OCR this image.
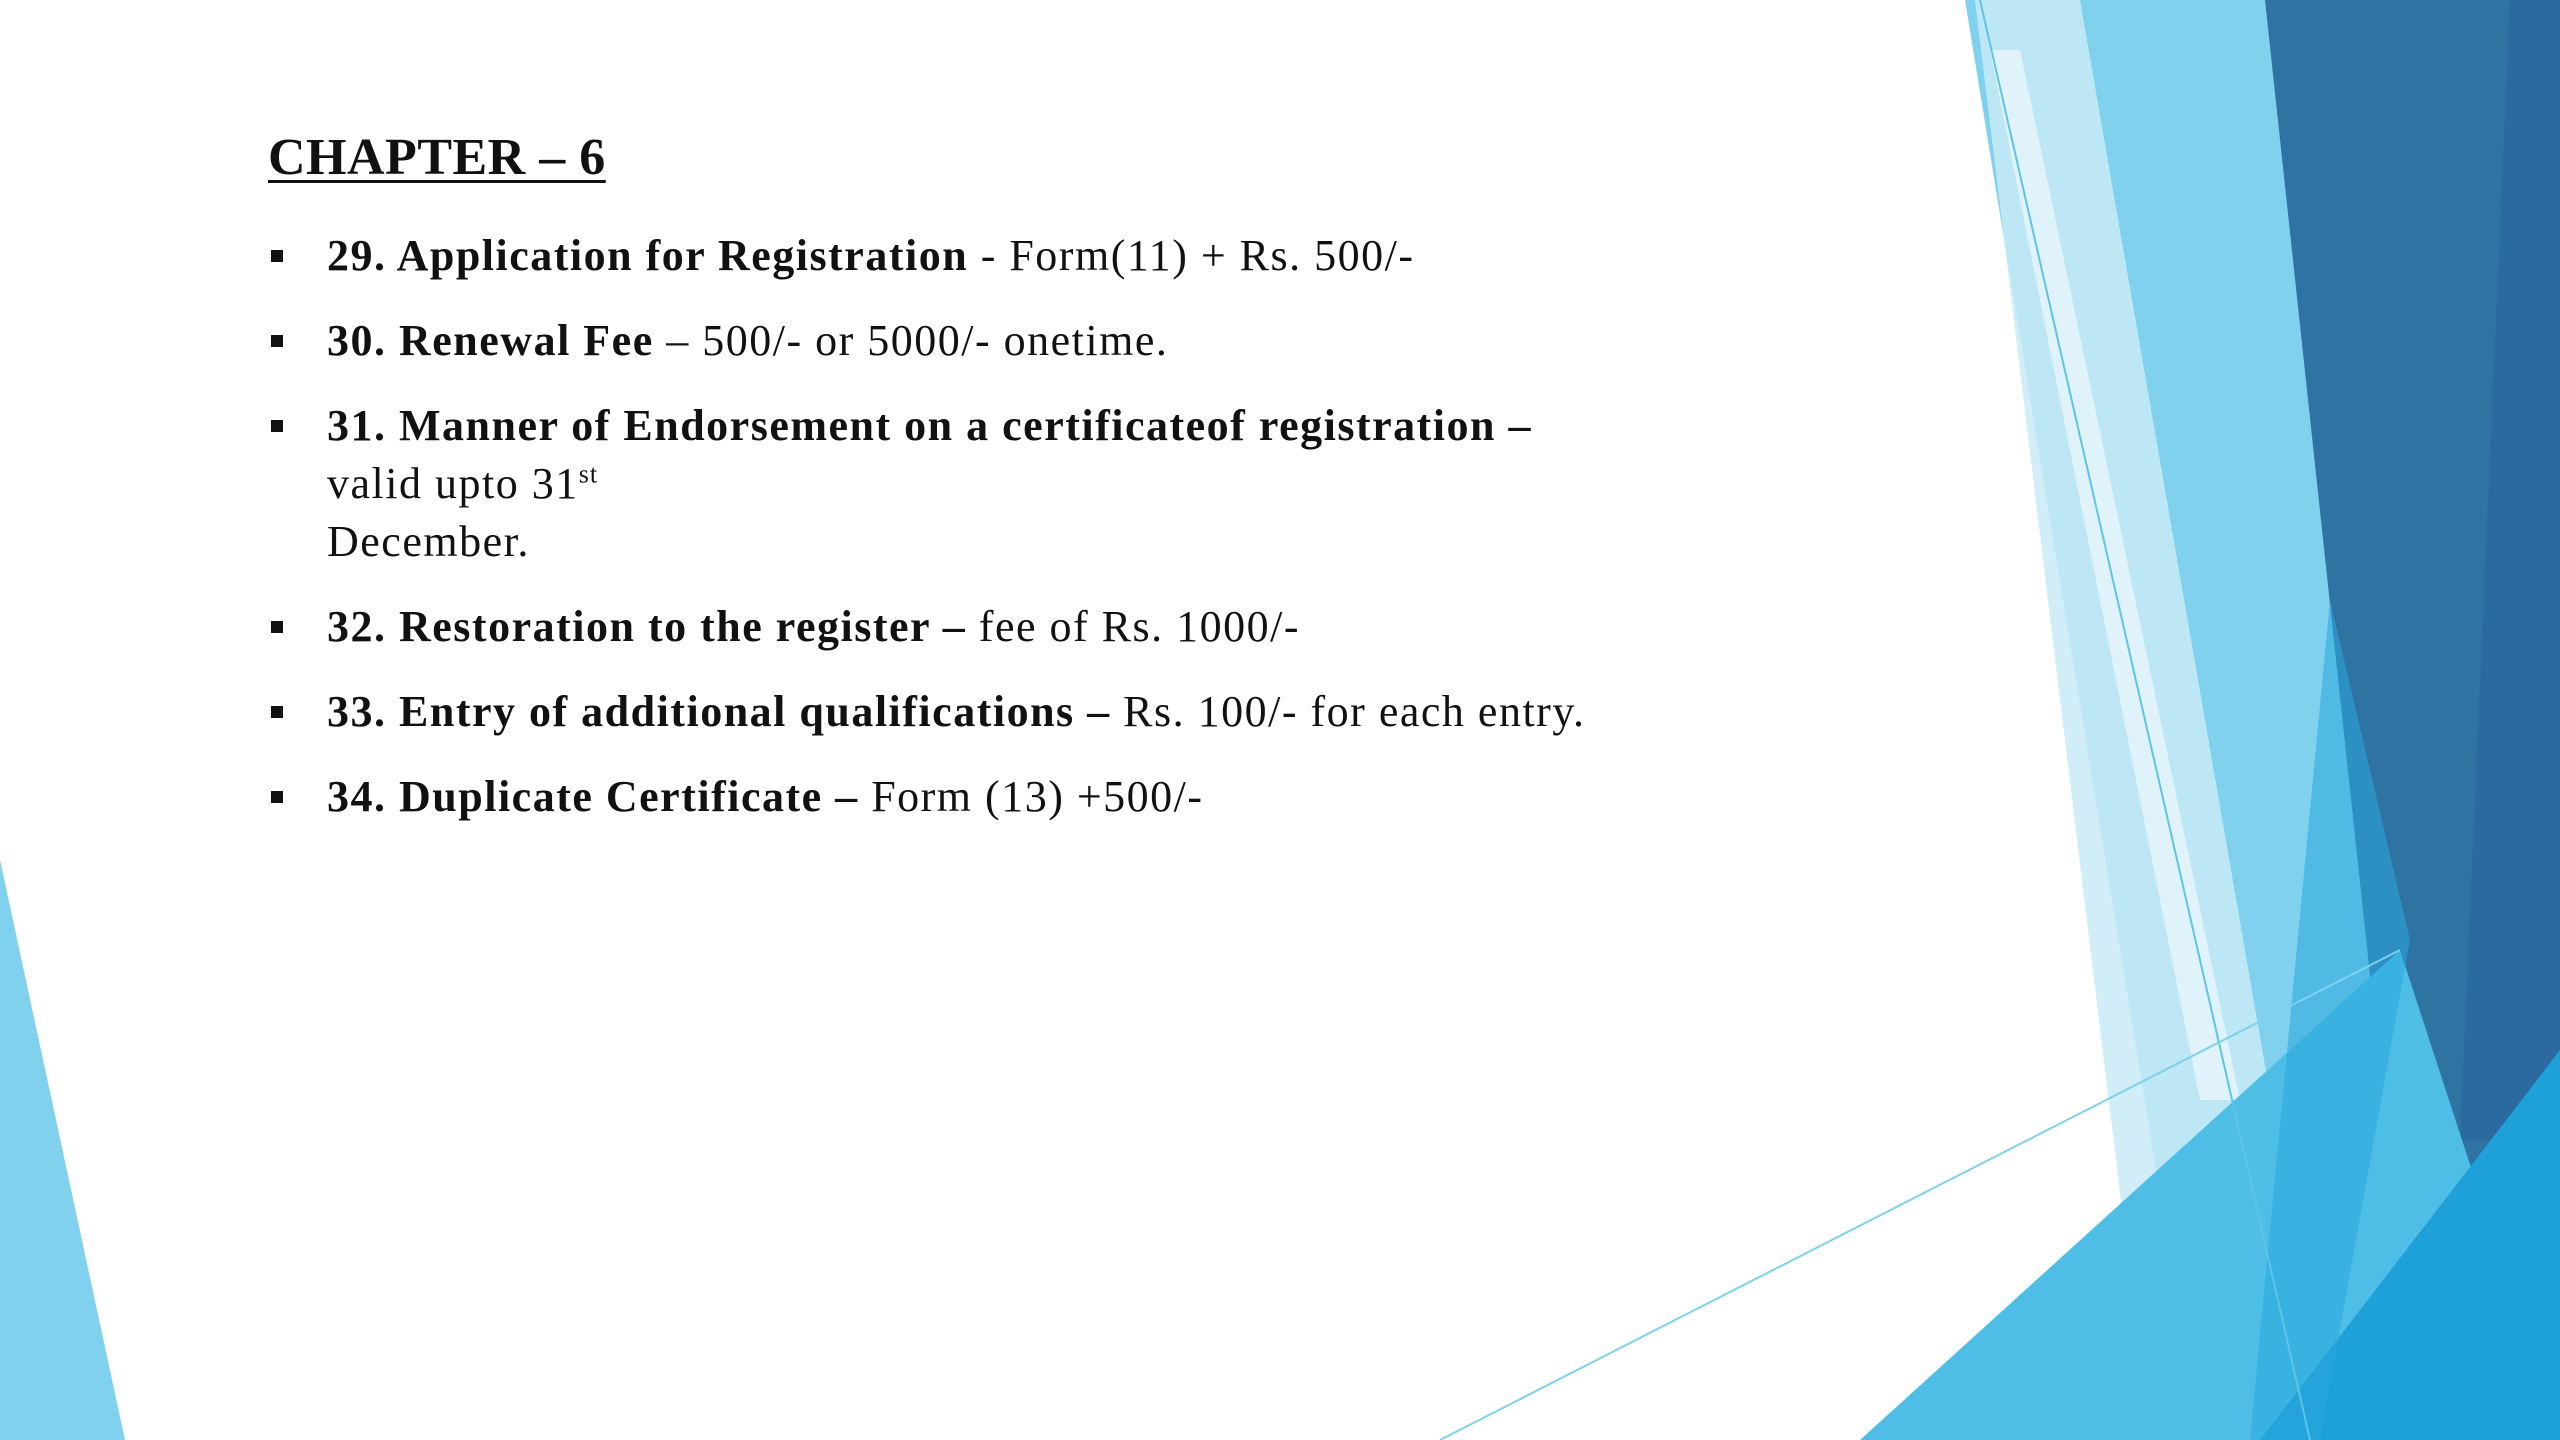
CHAPTER – 6
29. Application for Registration - Form(11) + Rs. 500/-
30. Renewal Fee – 500/- or 5000/- onetime.
31. Manner of Endorsement on a certificateof registration –
valid upto 31st
December.
32. Restoration to the register – fee of Rs. 1000/-
33. Entry of additional qualifications – Rs. 100/- for each entry.
34. Duplicate Certificate – Form (13) +500/-
